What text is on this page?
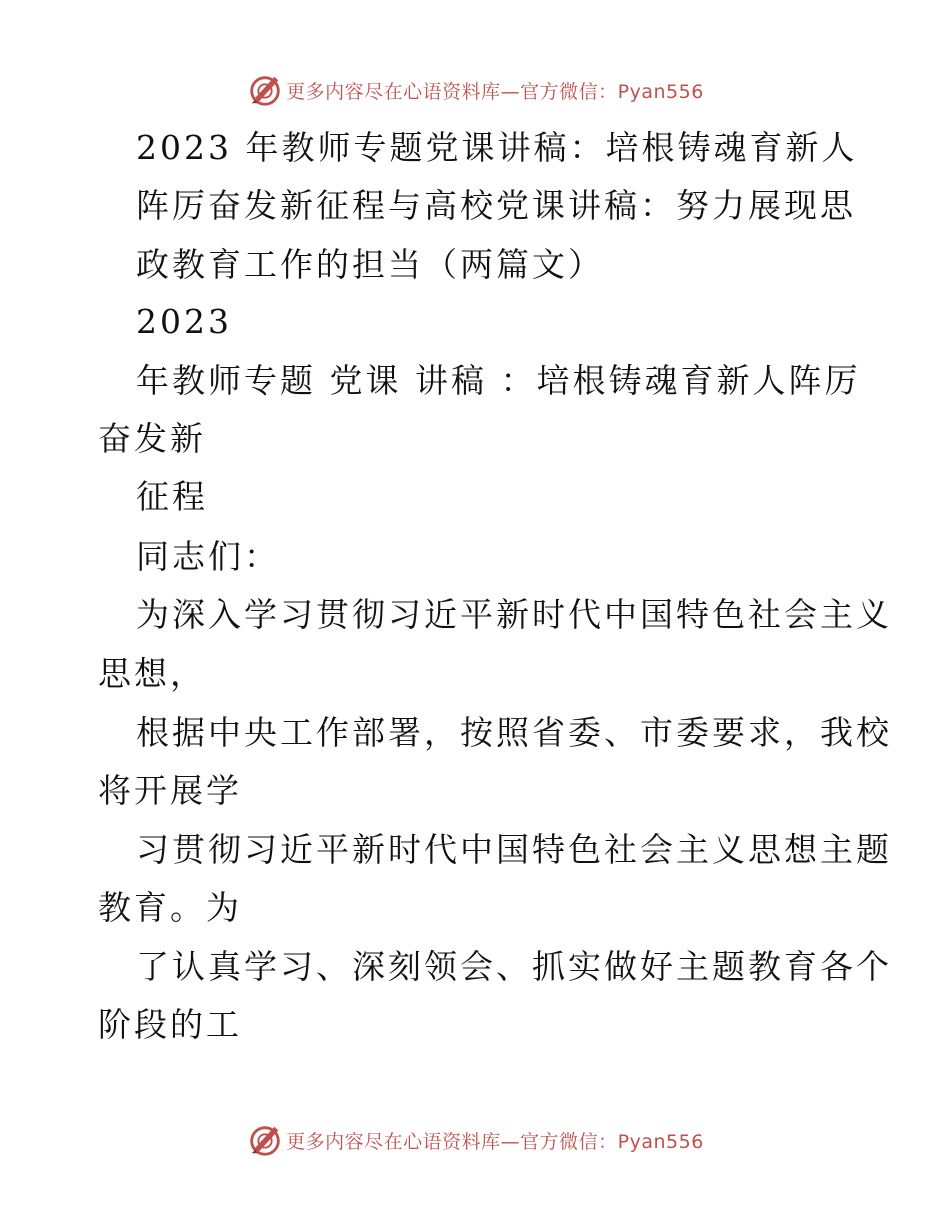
更多内容尽在心语资料库—官方微信：Pyan556
2023 年教师专题党课讲稿：培根铸魂育新人
阵厉奋发新征程与高校党课讲稿：努力展现思
政教育工作的担当（两篇文）
2023
年教师专题 党课 讲稿 ：培根铸魂育新人阵厉
奋发新
征程
同志们：
为深入学习贯彻习近平新时代中国特色社会主义
思想，
根据中央工作部署，按照省委、市委要求，我校
将开展学
习贯彻习近平新时代中国特色社会主义思想主题
教育。为
了认真学习、深刻领会、抓实做好主题教育各个
阶段的工
更多内容尽在心语资料库—官方微信：Pyan556
